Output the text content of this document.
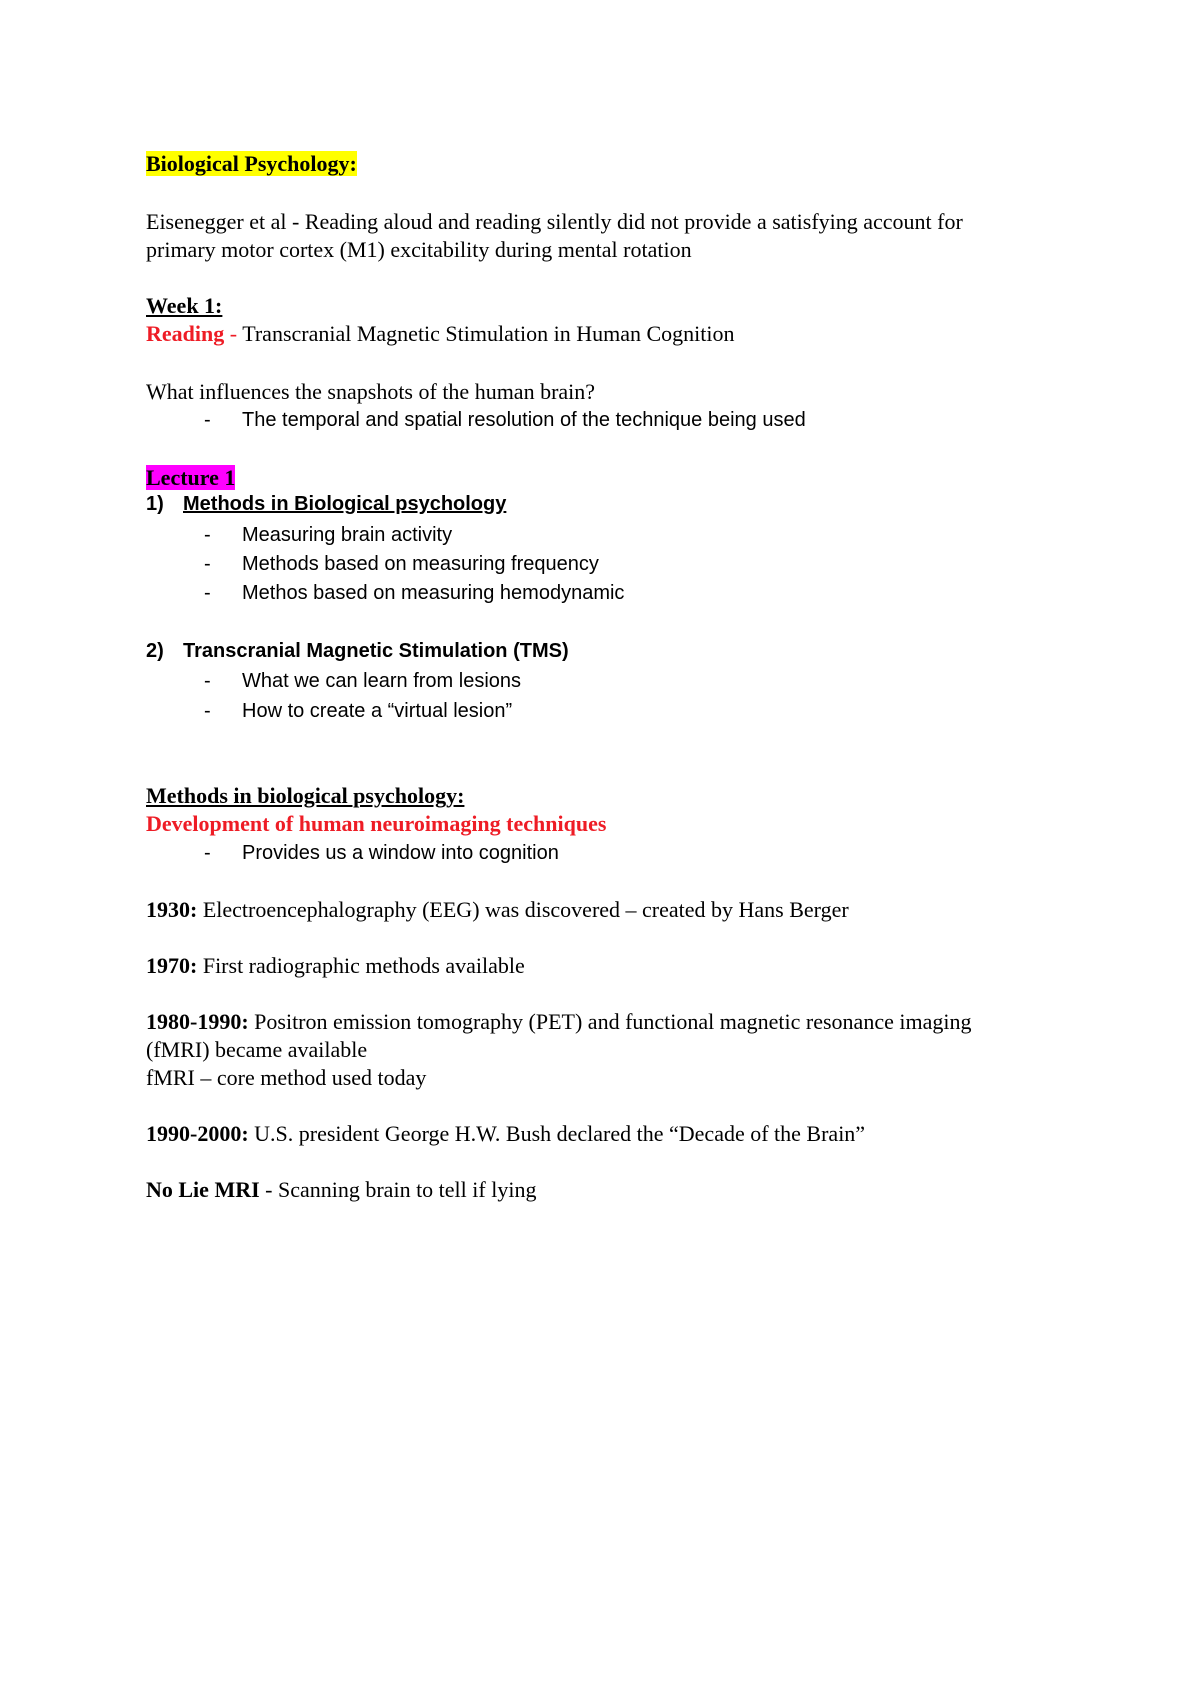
Biological Psychology:
Eisenegger et al - Reading aloud and reading silently did not provide a satisfying account for
primary motor cortex (M1) excitability during mental rotation
Week 1:
Reading - Transcranial Magnetic Stimulation in Human Cognition
What influences the snapshots of the human brain?
- The temporal and spatial resolution of the technique being used
Lecture 1
1) Methods in Biological psychology
- Measuring brain activity
- Methods based on measuring frequency
- Methos based on measuring hemodynamic
2) Transcranial Magnetic Stimulation (TMS)
- What we can learn from lesions
- How to create a “virtual lesion”
Methods in biological psychology:
Development of human neuroimaging techniques
- Provides us a window into cognition
1930: Electroencephalography (EEG) was discovered – created by Hans Berger
1970: First radiographic methods available
1980-1990: Positron emission tomography (PET) and functional magnetic resonance imaging
(fMRI) became available
fMRI – core method used today
1990-2000: U.S. president George H.W. Bush declared the “Decade of the Brain”
No Lie MRI - Scanning brain to tell if lying
